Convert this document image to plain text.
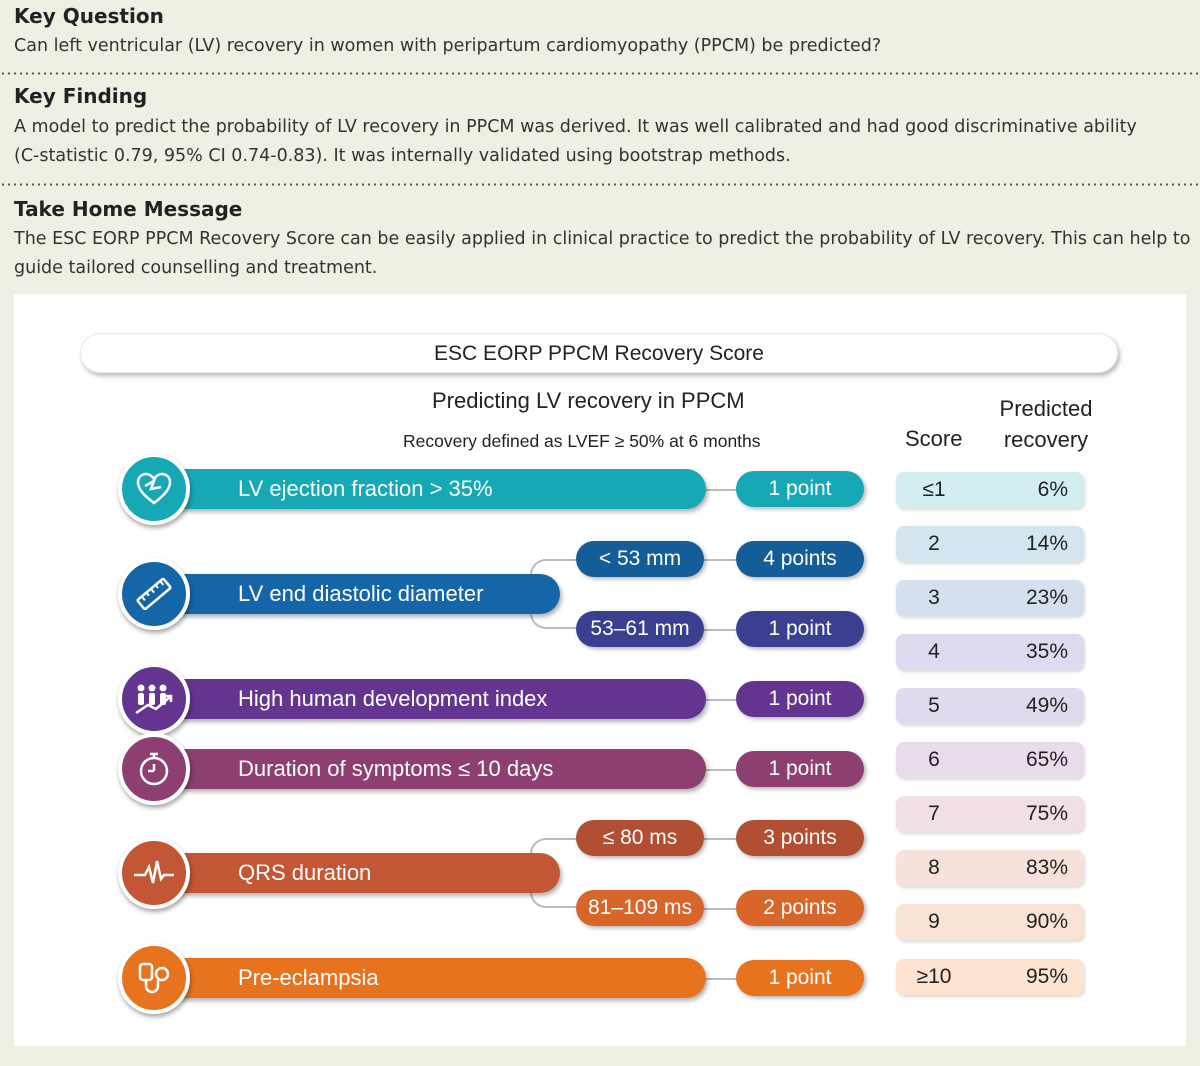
Key Question
Can left ventricular (LV) recovery in women with peripartum cardiomyopathy (PPCM) be predicted?
Key Finding
A model to predict the probability of LV recovery in PPCM was derived. It was well calibrated and had good discriminative ability
(C-statistic 0.79, 95% CI 0.74-0.83). It was internally validated using bootstrap methods.
Take Home Message
The ESC EORP PPCM Recovery Score can be easily applied in clinical practice to predict the probability of LV recovery. This can help to
guide tailored counselling and treatment.
ESC EORP PPCM Recovery Score
Predicting LV recovery in PPCM
Recovery defined as LVEF ≥ 50% at 6 months	Score
Predicted
recovery
LV ejection fraction > 35%	1 point
LV end diastolic diameter
< 53 mm	4 points
53–61 mm	1 point
High human development index	1 point
Duration of symptoms ≤ 10 days	1 point
QRS duration
≤ 80 ms	3 points
81–109 ms	2 points
Pre-eclampsia	1 point
≤1	6%
2	14%
3	23%
4	35%
5	49%
6	65%
7	75%
8	83%
9	90%
≥10	95%
